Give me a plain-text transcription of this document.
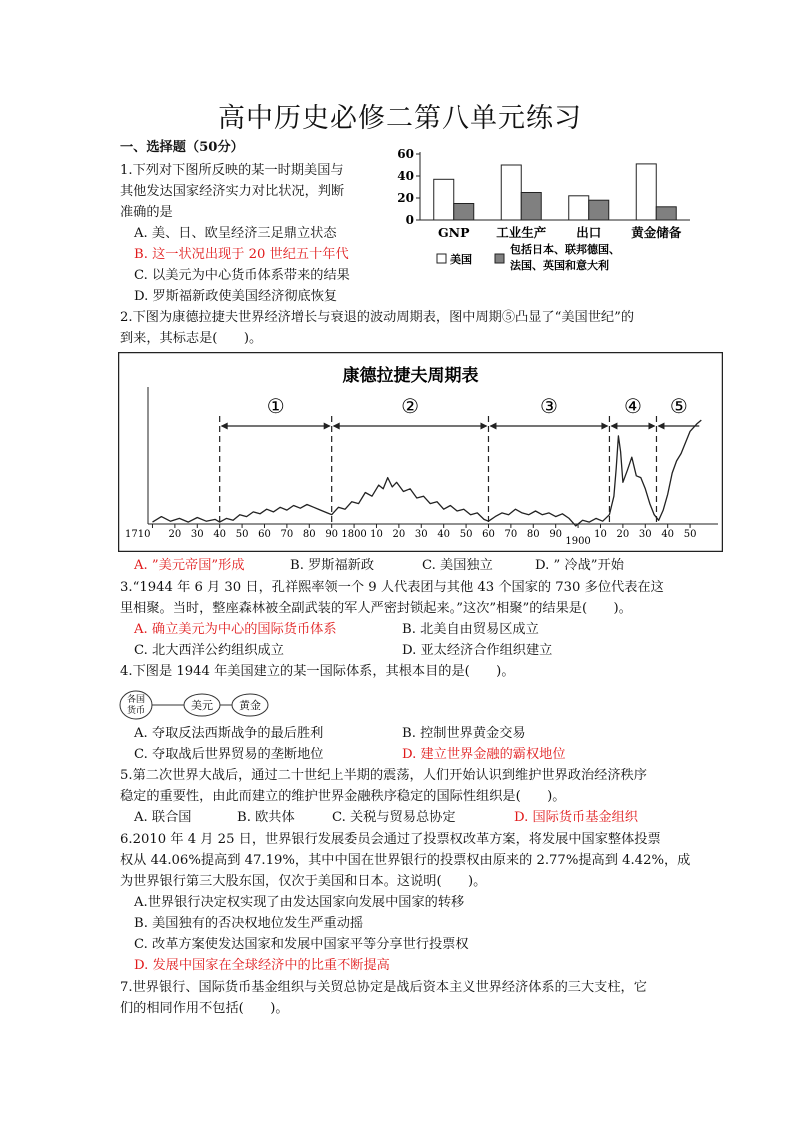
高中历史必修二第八单元练习
一、选择题（50分）
1.下列对下图所反映的某一时期美国与
其他发达国家经济实力对比状况，判断
准确的是
A. 美、日、欧呈经济三足鼎立状态
B. 这一状况出现于 20 世纪五十年代
C. 以美元为中心货币体系带来的结果
D. 罗斯福新政使美国经济彻底恢复
0
20
40
60
GNP 工业生产 出口 黄金储备
美国
包括日本、联邦德国、
法国、英国和意大利
2.下图为康德拉捷夫世界经济增长与衰退的波动周期表，图中周期⑤凸显了“美国世纪”的
到来，其标志是(　　)。
康德拉捷夫周期表
1710 20 30 40 50 60 70 80 90 1800 10 20 30 40 50 60 70 80 90
1900
10 20 30 40 50
①	②	③	④ ⑤
A. ”美元帝国”形成	B. 罗斯福新政	C. 美国独立	D. ” 冷战”开始
3.“1944 年 6 月 30 日，孔祥熙率领一个 9 人代表团与其他 43 个国家的 730 多位代表在这
里相聚。当时，整座森林被全副武装的军人严密封锁起来。”这次”相聚”的结果是(　　)。
A. 确立美元为中心的国际货币体系	B. 北美自由贸易区成立
C. 北大西洋公约组织成立	D. 亚太经济合作组织建立
4.下图是 1944 年美国建立的某一国际体系，其根本目的是(　　)。
各国
货币	美元 黄金
A. 夺取反法西斯战争的最后胜利	B. 控制世界黄金交易
C. 夺取战后世界贸易的垄断地位	D. 建立世界金融的霸权地位
5.第二次世界大战后，通过二十世纪上半期的震荡，人们开始认识到维护世界政治经济秩序
稳定的重要性，由此而建立的维护世界金融秩序稳定的国际性组织是(　　)。
A. 联合国	B. 欧共体	C. 关税与贸易总协定	D. 国际货币基金组织
6.2010 年 4 月 25 日，世界银行发展委员会通过了投票权改革方案，将发展中国家整体投票
权从 44.06%提高到 47.19%，其中中国在世界银行的投票权由原来的 2.77%提高到 4.42%，成
为世界银行第三大股东国，仅次于美国和日本。这说明(　　)。
A.世界银行决定权实现了由发达国家向发展中国家的转移
B. 美国独有的否决权地位发生严重动摇
C. 改革方案使发达国家和发展中国家平等分享世行投票权
D. 发展中国家在全球经济中的比重不断提高
7.世界银行、国际货币基金组织与关贸总协定是战后资本主义世界经济体系的三大支柱，它
们的相同作用不包括(　　)。
